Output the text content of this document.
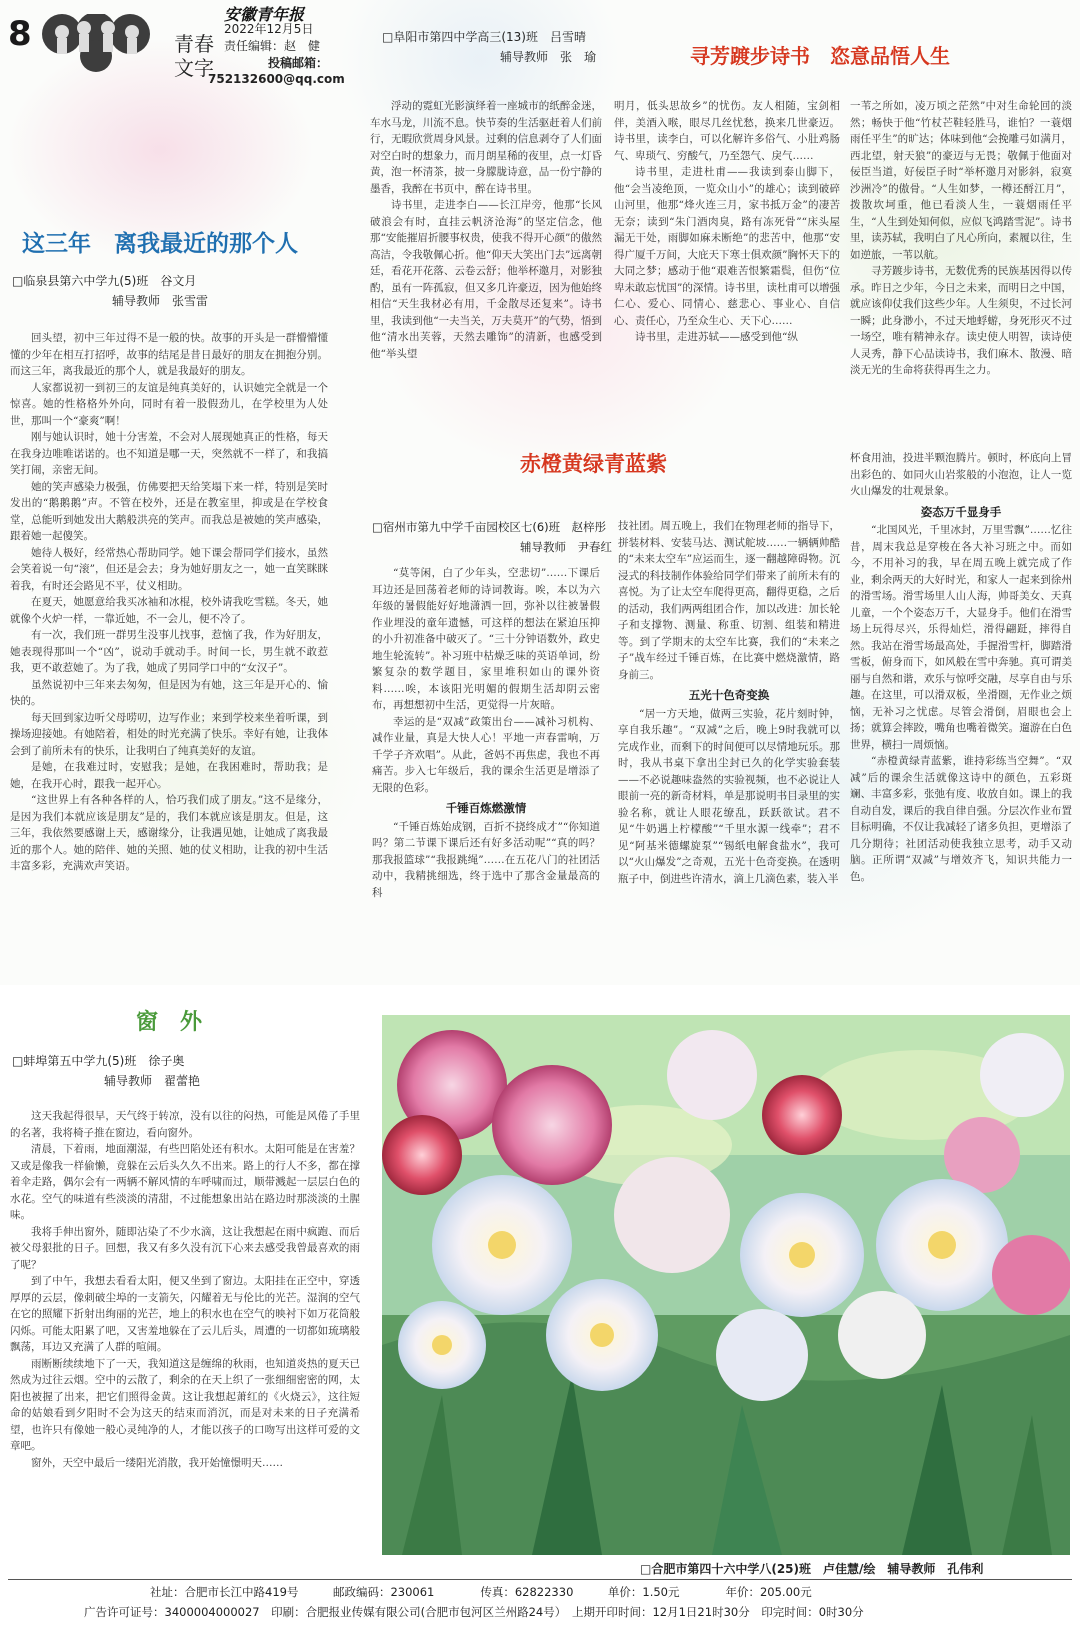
8	青春
文字
安徽青年报
2022年12月5日
责任编辑：赵　健
投稿邮箱：
752132600@qq.com
这三年　离我最近的那个人
□临泉县第六中学九(5)班　谷文月
辅导教师　张雪雷

回头望，初中三年过得不是一般的快。故事的开头是一群懵懵懂懂的少年在相互打招呼，故事的结尾是昔日最好的朋友在拥抱分别。而这三年，离我最近的那个人，就是我最好的朋友。

人家都说初一到初三的友谊是纯真美好的，认识她完全就是一个惊喜。她的性格格外外向，同时有着一股假劲儿，在学校里为人处世，那叫一个“豪爽”啊！

刚与她认识时，她十分害羞，不会对人展现她真正的性格，每天在我身边唯唯诺诺的。也不知道是哪一天，突然就不一样了，和我搞笑打闹，亲密无间。

她的笑声感染力极强，仿佛要把天给笑塌下来一样，特别是笑时发出的“鹅鹅鹅”声。不管在校外，还是在教室里，抑或是在学校食堂，总能听到她发出大鹅般洪亮的笑声。而我总是被她的笑声感染，跟着她一起傻笑。

她待人极好，经常热心帮助同学。她下课会帮同学们接水，虽然会笑着说一句“滚”，但还是会去；身为她好朋友之一，她一直笑眯眯着我，有时还会路见不平，仗义相助。

在夏天，她愿意给我买冰袖和冰棍，校外请我吃雪糕。冬天，她就像个火炉一样，一靠近她，不一会儿，便不冷了。

有一次，我们班一群男生没事儿找事，惹恼了我，作为好朋友，她表现得那叫一个“凶”，说动手就动手。时间一长，男生就不敢惹我，更不敢惹她了。为了我，她成了男同学口中的“女汉子”。

虽然说初中三年来去匆匆，但是因为有她，这三年是开心的、愉快的。

每天回到家边听父母唠叨，边写作业；来到学校来坐着听课，到操场迎接她。有她陪着，相处的时光充满了快乐。幸好有她，让我体会到了前所未有的快乐，让我明白了纯真美好的友谊。

是她，在我难过时，安慰我；是她，在我困难时，帮助我；是她，在我开心时，跟我一起开心。

“这世界上有各种各样的人，恰巧我们成了朋友。”这不是缘分，是因为我们本就应该是朋友”是的，我们本就应该是朋友。但是，这三年，我依然要感谢上天，感谢缘分，让我遇见她，让她成了离我最近的那个人。她的陪伴、她的关照、她的仗义相助，让我的初中生活丰富多彩，充满欢声笑语。

□阜阳市第四中学高三(13)班　吕雪晴
辅导教师　张　瑜	寻芳踱步诗书　恣意品悟人生

浮动的霓虹光影演绎着一座城市的纸醉金迷，车水马龙，川流不息。快节奏的生活驱赶着人们前行，无暇欣赏周身风景。过剩的信息剥夺了人们面对空白时的想象力，而月朗星稀的夜里，点一灯昏黄，泡一杯清茶，披一身朦胧诗意，品一份宁静的墨香，我醉在书页中，醉在诗书里。

诗书里，走进李白——长江岸旁，他那“长风破浪会有时，直挂云帆济沧海”的坚定信念，他那“安能摧眉折腰事权贵，使我不得开心颜”的傲然高洁，令我敬佩心折。他“仰天大笑出门去”远离朝廷，看花开花落、云卷云舒；他举杯邀月，对影独酌，虽有一阵孤寂，但又多几许豪迈，因为他始终相信“天生我材必有用，千金散尽还复来”。诗书里，我读到他“一夫当关，万夫莫开”的气势，悟到他“清水出芙蓉，天然去雕饰”的清新，也感受到他“举头望

明月，低头思故乡”的忧伤。友人相随，宝剑相伴，美酒入喉，眼尽几丝忧愁，换来几世豪迈。诗书里，读李白，可以化解许多俗气、小肚鸡肠气、卑琐气、穷酸气，乃至怨气、戾气……

诗书里，走进杜甫——我读到泰山脚下，他“会当凌绝顶，一览众山小”的雄心；读到破碎山河里，他那“烽火连三月，家书抵万金”的凄苦无奈；读到“朱门酒肉臭，路有冻死骨”“床头屋漏无干处，雨脚如麻未断绝”的悲苦中，他那“安得广厦千万间，大庇天下寒士俱欢颜”胸怀天下的大同之梦；感动于他“艰难苦恨繁霜鬓，但伤“位卑未敢忘忧国”的深情。诗书里，读杜甫可以增强仁心、爱心、同情心、慈悲心、事业心、自信心、责任心，乃至众生心、天下心……

诗书里，走进苏轼——感受到他“纵

一苇之所如，凌万顷之茫然”中对生命轮回的淡然；畅快于他“竹杖芒鞋轻胜马，谁怕？一蓑烟雨任平生”的旷达；体味到他“会挽雕弓如满月，西北望，射天狼”的豪迈与无畏；敬佩于他面对佞臣当道，好佞臣子时“举杯邀月对影斜，寂寞沙洲冷”的傲骨。“人生如梦，一樽还酹江月”，拨散坎坷重，他已看淡人生，一蓑烟雨任平生，“人生到处知何似，应似飞鸿踏雪泥”。诗书里，读苏轼，我明白了凡心所向，素履以往，生如逆旅，一苇以航。

寻芳踱步诗书，无数优秀的民族基因得以传承。昨日之少年，今日之未来，而明日之中国，就应该仰仗我们这些少年。人生须臾，不过长河一瞬；此身渺小，不过天地蜉蝣，身死形灭不过一场空，唯有精神永存。读史使人明智，读诗使人灵秀，静下心品读诗书，我们麻木、散漫、暗淡无光的生命将获得再生之力。

赤橙黄绿青蓝紫
□宿州市第九中学千亩园校区七(6)班　赵梓彤
辅导教师　尹春红

“莫等闲，白了少年头，空悲切”……下课后耳边还是回荡着老师的诗词教诲。唉，本以为六年级的暑假能好好地潇洒一回，弥补以往被暑假作业埋没的童年遗憾，可这样的想法在紧迫压抑的小升初准备中破灭了。“三十分钟语数外，政史地生轮流转”。补习班中枯燥乏味的英语单词，纷繁复杂的数学题目，家里堆积如山的课外资料……唉，本该阳光明媚的假期生活却阴云密布，再想想初中生活，更觉得一片灰暗。

幸运的是“双减”政策出台——减补习机构、减作业量，真是大快人心！平地一声春雷响，万千学子齐欢唱”。从此，爸妈不再焦虑，我也不再痛苦。步入七年级后，我的课余生活更是增添了无限的色彩。

千锤百炼燃激情

“千锤百炼始成钢，百折不挠终成才”“你知道吗？第二节课下课后还有好多活动呢”“真的吗？那我报篮球”“我报跳绳”……在五花八门的社团活动中，我精挑细选，终于选中了那含金量最高的科

技社团。周五晚上，我们在物理老师的指导下，拼装材料、安装马达、测试舵坡……一辆辆帅酷的“未来太空车”应运而生，逐一翻越障碍物。沉浸式的科技制作体验给同学们带来了前所未有的喜悦。为了让太空车爬得更高，翻得更稳，之后的活动，我们两两组团合作，加以改进：加长轮子和支撑物、测量、称重、切割、组装和精进等。到了学期末的太空车比赛，我们的“未来之子”战车经过千锤百炼，在比赛中燃烧激情，路身前三。

五光十色奇变换

“居一方天地，做两三实验，花片刻时钟，享自我乐趣”。“双减”之后，晚上9时我就可以完成作业，而剩下的时间便可以尽情地玩乐。那时，我从书桌下拿出尘封已久的化学实验套装——不必说趣味盎然的实验视频，也不必说让人眼前一亮的新奇材料，单是那说明书目录里的实验名称，就让人眼花缭乱，跃跃欲试。君不见“牛奶遇上柠檬酸”“千里水源一线牵”；君不见“阿基米德螺旋泵”“锡纸电解食盐水”，我可以“火山爆发”之奇观，五光十色奇变换。在透明瓶子中，倒进些许清水，滴上几滴色素，装入半

杯食用油，投进半颗泡腾片。顿时，杯底向上冒出彩色的、如同火山岩浆般的小泡泡，让人一览火山爆发的壮观景象。

姿态万千显身手

“北国风光，千里冰封，万里雪飘”……忆往昔，周末我总是穿梭在各大补习班之中。而如今，不用补习的我，早在周五晚上就完成了作业，剩余两天的大好时光，和家人一起来到徐州的滑雪场。滑雪场里人山人海，帅哥美女、天真儿童，一个个姿态万千，大显身手。他们在滑雪场上玩得尽兴，乐得灿烂，滑得翩跹，摔得自然。我站在滑雪场最高处，手握滑雪杆，脚踏滑雪板，俯身而下，如风般在雪中奔驰。真可谓美丽与自然和谐，欢乐与惊呼交融，尽享自由与乐趣。在这里，可以滑双板，坐滑圈，无作业之烦恼，无补习之忧虑。尽管会滑倒，眉眼也会上扬；就算会摔跤，嘴角也嘴着微笑。遛游在白色世界，横扫一周烦恼。

“赤橙黄绿青蓝紫，谁持彩练当空舞”。“双减”后的课余生活就像这诗中的颜色，五彩斑斓、丰富多彩，张弛有度、收放自如。课上的我自动自发，课后的我自律自强。分层次作业布置目标明确，不仅让我减轻了诸多负担，更增添了几分期待；社团活动使我独立思考，动手又动脑。正所谓“双减”与增效齐飞，知识共能力一色。

窗　外
□蚌埠第五中学九(5)班　徐子奥
辅导教师　翟蕾艳

这天我起得很早，天气终于转凉，没有以往的闷热，可能是风倦了手里的名著，我将椅子推在窗边，看向窗外。

清晨，下着雨，地面潮湿，有些凹陷处还有积水。太阳可能是在害羞？又或是像我一样偷懒，竟躲在云后头久久不出来。路上的行人不多，都在撑着伞走路，偶尔会有一两辆不解风情的车呼啸而过，顺带溅起一层层白色的水花。空气的味道有些淡淡的清甜，不过能想象出站在路边时那淡淡的土腥味。

我将手伸出窗外，随即沾染了不少水滴，这让我想起在雨中疯跑、而后被父母狠批的日子。回想，我又有多久没有沉下心来去感受我曾最喜欢的雨了呢？

到了中午，我想去看看太阳，便又坐到了窗边。太阳挂在正空中，穿透厚厚的云层，像刺破尘埠的一支箭矢，闪耀着无与伦比的光芒。湿润的空气在它的照耀下折射出绚丽的光芒，地上的积水也在空气的映衬下如万花筒般闪烁。可能太阳累了吧，又害羞地躲在了云儿后头，周遭的一切都如琉璃般飘荡，耳边又充满了人群的喧闹。

雨断断续续地下了一天，我知道这是缠绵的秋雨，也知道炎热的夏天已然成为过往云烟。空中的云散了，剩余的在天上织了一张细细密密的网，太阳也被握了出来，把它们照得金黄。这让我想起萧红的《火烧云》，这往短命的姑娘看到夕阳时不会为这天的结束而消沉，而是对未来的日子充满希望，也许只有像她一般心灵纯净的人，才能以孩子的口吻写出这样可爱的文章吧。

窗外，天空中最后一缕阳光消散，我开始憧憬明天……

□合肥市第四十六中学八(25)班　卢佳慧/绘　辅导教师　孔伟利
社址：合肥市长江中路419号　　　邮政编码：230061　　　　传真：62822330　　　单价：1.50元　　　　年价：205.00元
广告许可证号：3400004000027　印刷：合肥报业传媒有限公司(合肥市包河区兰州路24号）　上期开印时间：12月1日21时30分　印完时间：0时30分
